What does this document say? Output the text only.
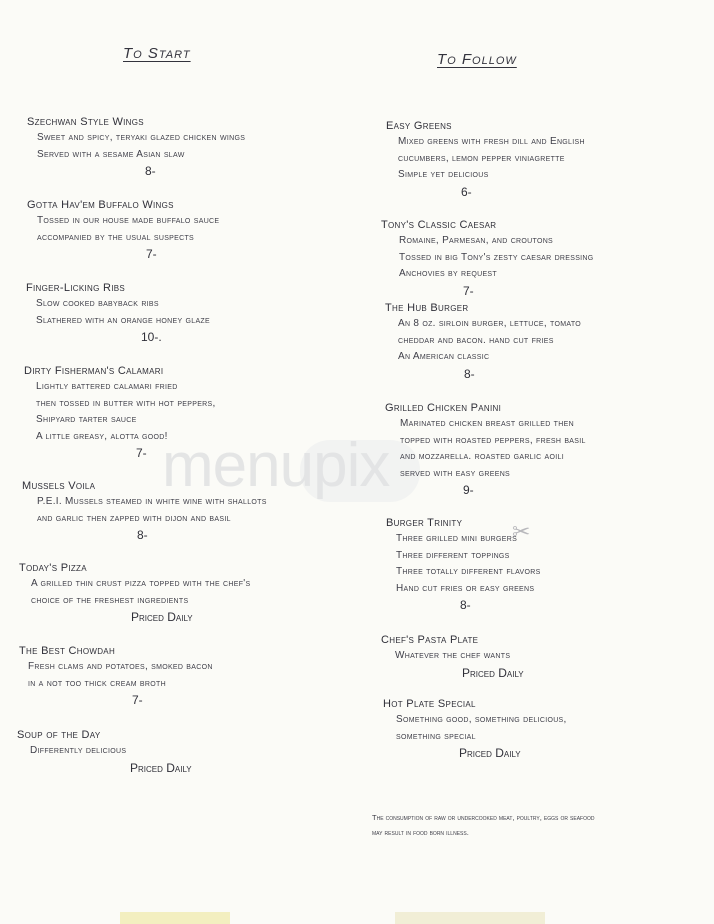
menupix
To Start	To Follow
Szechwan Style Wings
Sweet and spicy, teryaki glazed chicken wings
Served with a sesame Asian slaw
8-
Gotta Hav'em Buffalo Wings
Tossed in our house made buffalo sauce
accompanied by the usual suspects
7-
Finger-Licking Ribs
Slow cooked babyback ribs
Slathered with an orange honey glaze
10-.
Dirty Fisherman's Calamari
Lightly battered calamari fried
then tossed in butter with hot peppers,
Shipyard tarter sauce
A little greasy, alotta good!
7-
Mussels Voila
P.E.I. Mussels steamed in white wine with shallots
and garlic then zapped with dijon and basil
8-
Today's Pizza
A grilled thin crust pizza topped with the chef's
choice of the freshest ingredients
Priced Daily
The Best Chowdah
Fresh clams and potatoes, smoked bacon
in a not too thick cream broth
7-
Soup of the Day
Differently delicious
Priced Daily
Easy Greens
Mixed greens with fresh dill and English
cucumbers, lemon pepper viniagrette
Simple yet delicious
6-
Tony's Classic Caesar
Romaine, Parmesan, and croutons
Tossed in big Tony's zesty caesar dressing
Anchovies by request
7-
The Hub Burger
An 8 oz. sirloin burger, lettuce, tomato
cheddar and bacon. hand cut fries
An American classic
8-
Grilled Chicken Panini
Marinated chicken breast grilled then
topped with roasted peppers, fresh basil
and mozzarella. roasted garlic aoili
served with easy greens
9-
Burger Trinity
Three grilled mini burgers
Three different toppings
Three totally different flavors
Hand cut fries or easy greens
8-
Chef's Pasta Plate
Whatever the chef wants
Priced Daily
Hot Plate Special
Something good, something delicious,
something special
Priced Daily
✂
The consumption of raw or undercooked meat, poultry, eggs or seafood may result in food born illness.
